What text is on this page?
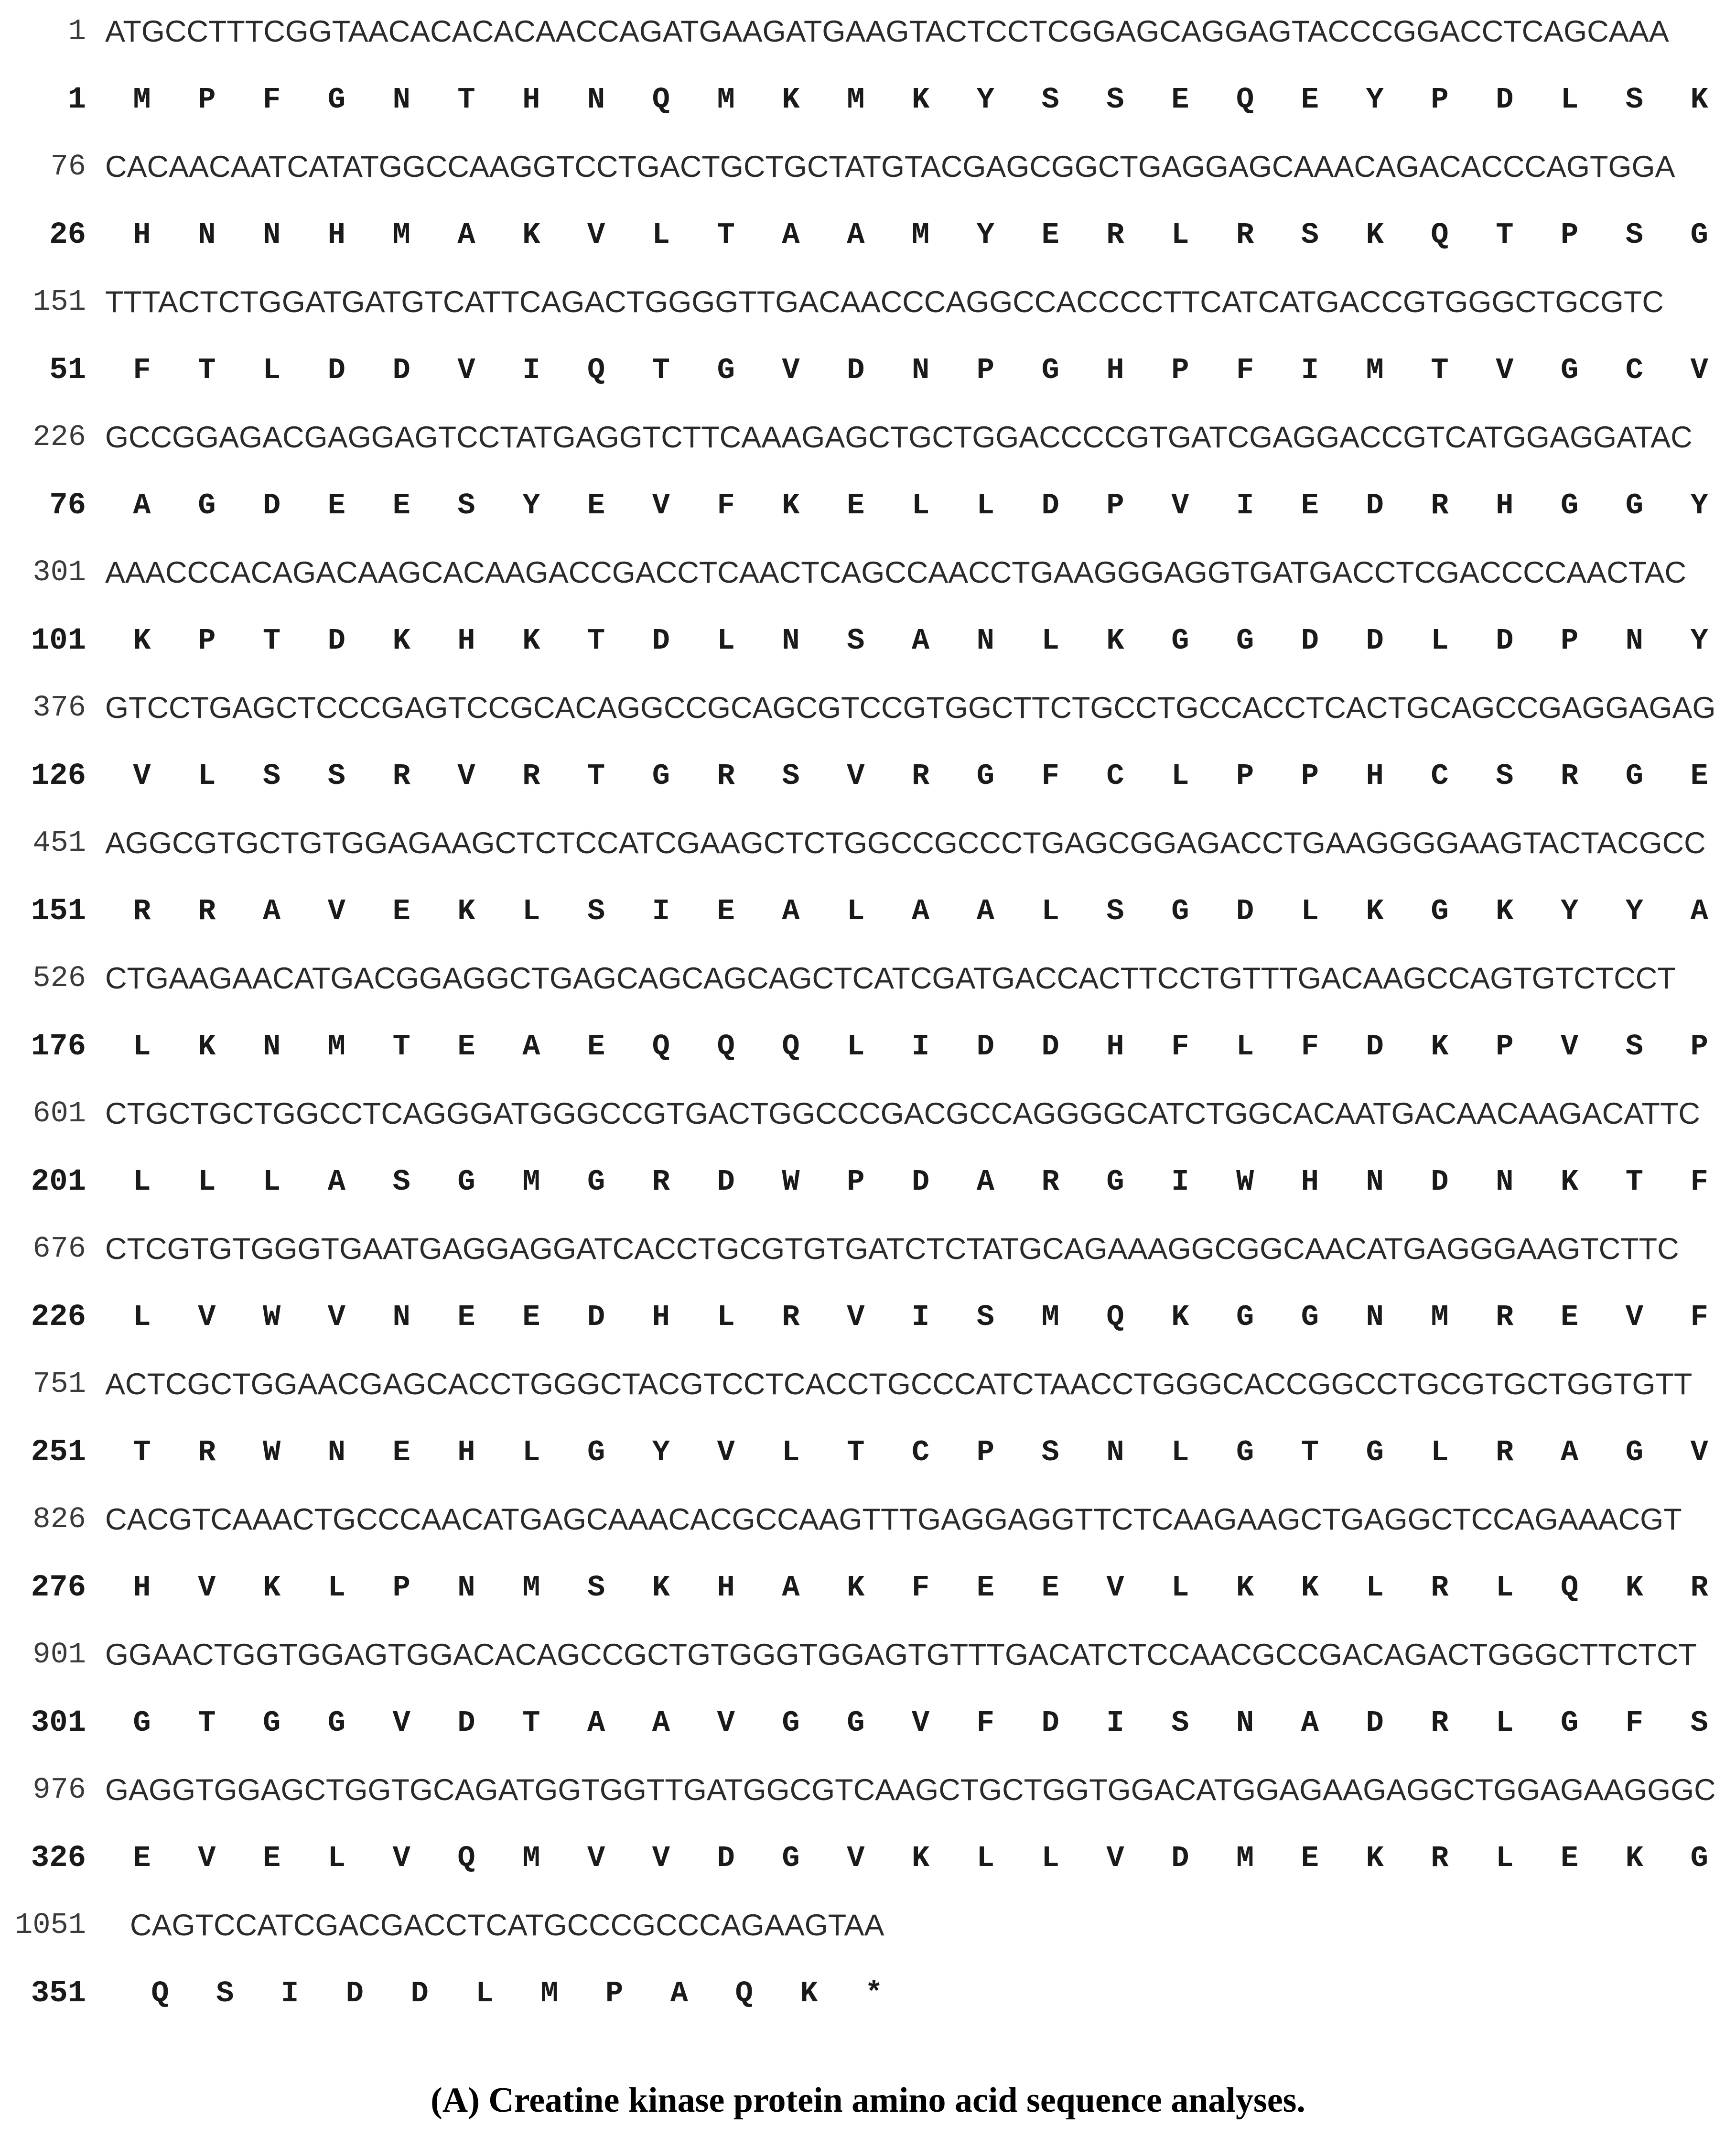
1 ATGCCTTTCGGTAACACACACAACCAGATGAAGATGAAGTACTCCTCGGAGCAGGAGTACCCGGACCTCAGCAAA
1	M	P	F	G	N	T	H	N	Q	M	K	M	K	Y	S	S	E	Q	E	Y	P	D	L	S	K
76 CACAACAATCATATGGCCAAGGTCCTGACTGCTGCTATGTACGAGCGGCTGAGGAGCAAACAGACACCCAGTGGA
26	H	N	N	H	M	A	K	V	L	T	A	A	M	Y	E	R	L	R	S	K	Q	T	P	S	G
151 TTTACTCTGGATGATGTCATTCAGACTGGGGTTGACAACCCAGGCCACCCCTTCATCATGACCGTGGGCTGCGTC
51	F	T	L	D	D	V	I	Q	T	G	V	D	N	P	G	H	P	F	I	M	T	V	G	C	V
226 GCCGGAGACGAGGAGTCCTATGAGGTCTTCAAAGAGCTGCTGGACCCCGTGATCGAGGACCGTCATGGAGGATAC
76	A	G	D	E	E	S	Y	E	V	F	K	E	L	L	D	P	V	I	E	D	R	H	G	G	Y
301 AAACCCACAGACAAGCACAAGACCGACCTCAACTCAGCCAACCTGAAGGGAGGTGATGACCTCGACCCCAACTAC
101	K	P	T	D	K	H	K	T	D	L	N	S	A	N	L	K	G	G	D	D	L	D	P	N	Y
376 GTCCTGAGCTCCCGAGTCCGCACAGGCCGCAGCGTCCGTGGCTTCTGCCTGCCACCTCACTGCAGCCGAGGAGAG
126	V	L	S	S	R	V	R	T	G	R	S	V	R	G	F	C	L	P	P	H	C	S	R	G	E
451 AGGCGTGCTGTGGAGAAGCTCTCCATCGAAGCTCTGGCCGCCCTGAGCGGAGACCTGAAGGGGAAGTACTACGCC
151	R	R	A	V	E	K	L	S	I	E	A	L	A	A	L	S	G	D	L	K	G	K	Y	Y	A
526 CTGAAGAACATGACGGAGGCTGAGCAGCAGCAGCTCATCGATGACCACTTCCTGTTTGACAAGCCAGTGTCTCCT
176	L	K	N	M	T	E	A	E	Q	Q	Q	L	I	D	D	H	F	L	F	D	K	P	V	S	P
601 CTGCTGCTGGCCTCAGGGATGGGCCGTGACTGGCCCGACGCCAGGGGCATCTGGCACAATGACAACAAGACATTC
201	L	L	L	A	S	G	M	G	R	D	W	P	D	A	R	G	I	W	H	N	D	N	K	T	F
676 CTCGTGTGGGTGAATGAGGAGGATCACCTGCGTGTGATCTCTATGCAGAAAGGCGGCAACATGAGGGAAGTCTTC
226	L	V	W	V	N	E	E	D	H	L	R	V	I	S	M	Q	K	G	G	N	M	R	E	V	F
751 ACTCGCTGGAACGAGCACCTGGGCTACGTCCTCACCTGCCCATCTAACCTGGGCACCGGCCTGCGTGCTGGTGTT
251	T	R	W	N	E	H	L	G	Y	V	L	T	C	P	S	N	L	G	T	G	L	R	A	G	V
826 CACGTCAAACTGCCCAACATGAGCAAACACGCCAAGTTTGAGGAGGTTCTCAAGAAGCTGAGGCTCCAGAAACGT
276	H	V	K	L	P	N	M	S	K	H	A	K	F	E	E	V	L	K	K	L	R	L	Q	K	R
901 GGAACTGGTGGAGTGGACACAGCCGCTGTGGGTGGAGTGTTTGACATCTCCAACGCCGACAGACTGGGCTTCTCT
301	G	T	G	G	V	D	T	A	A	V	G	G	V	F	D	I	S	N	A	D	R	L	G	F	S
976 GAGGTGGAGCTGGTGCAGATGGTGGTTGATGGCGTCAAGCTGCTGGTGGACATGGAGAAGAGGCTGGAGAAGGGC
326	E	V	E	L	V	Q	M	V	V	D	G	V	K	L	L	V	D	M	E	K	R	L	E	K	G
1051 CAGTCCATCGACGACCTCATGCCCGCCCAGAAGTAA
351	Q	S	I	D	D	L	M	P	A	Q	K	*
(A) Creatine kinase protein amino acid sequence analyses.
